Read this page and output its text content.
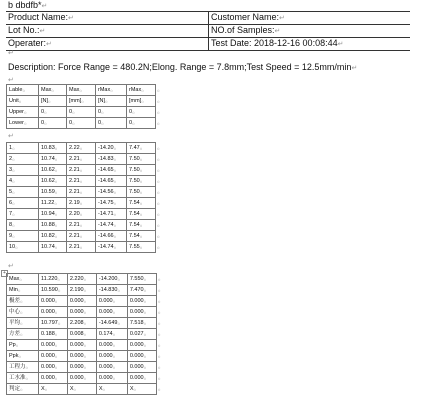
b dbdfb*↵
Product Name:↵	Customer Name:↵
Lot No.:↵	NO.of Samples:↵
Operater:↵	Test Date: 2018-12-16 00:08:44↵
↵
Description: Force Range = 480.2N;Elong. Range = 7.8mm;Test Speed = 12.5mm/min↵
↵
Lable。	Max。	Max。	rMax。	rMax。	。
Unit。	[N]。	[mm]。	[N]。	[mm]。	。
Upper。	0。	0。	0。	0。	。
Lower。	0。	0。	0。	0。	。
↵
1。	10.83。	2.22。	-14.20。	7.47。	。
2。	10.74。	2.21。	-14.83。	7.50。	。
3。	10.62。	2.21。	-14.65。	7.50。	。
4。	10.62。	2.21。	-14.65。	7.50。	。
5。	10.59。	2.21。	-14.56。	7.50。	。
6。	11.22。	2.19。	-14.75。	7.54。	。
7。	10.94。	2.20。	-14.71。	7.54。	。
8。	10.88。	2.21。	-14.74。	7.54。	。
9。	10.82。	2.21。	-14.66。	7.54。	。
10。	10.74。	2.21。	-14.74。	7.55。	。
↵
+
Max。	11.220。	2.220。	-14.200。	7.550。	。
Min。	10.590。	2.190。	-14.830。	7.470。	。
极差。	0.000。	0.000。	0.000。	0.000。	。
中心。	0.000。	0.000。	0.000。	0.000。	。
平均。	10.797。	2.208。	-14.649。	7.518。	。
方差。	0.188。	0.008。	0.174。	0.027。	。
Pp。	0.000。	0.000。	0.000。	0.000。	。
Ppk。	0.000。	0.000。	0.000。	0.000。	。
工程力。	0.000。	0.000。	0.000。	0.000。	。
工水准。	0.000。	0.000。	0.000。	0.000。	。
判定。	X。	X。	X。	X。	。
